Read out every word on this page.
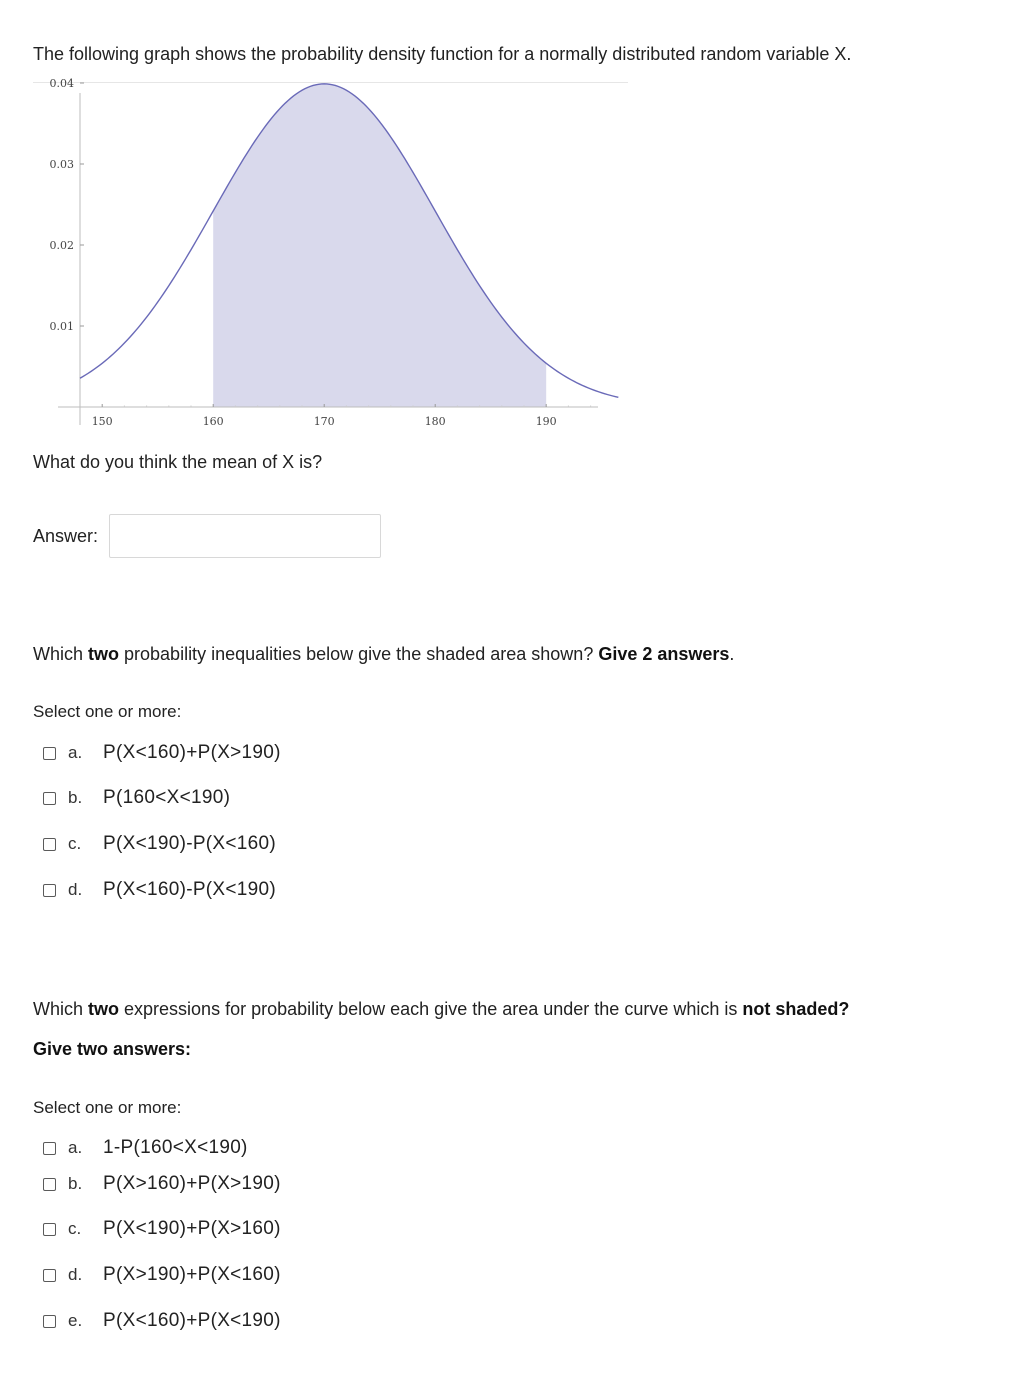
The following graph shows the probability density function for a normally distributed random variable X.
150	160	170	180	190
0.01
0.02
0.03
0.04
What do you think the mean of X is?
Answer:
Which two probability inequalities below give the shaded area shown? Give 2 answers.
Select one or more:
a.	P(X<160)+P(X>190)
b.	P(160<X<190)
c.	P(X<190)-P(X<160)
d.	P(X<160)-P(X<190)
Which two expressions for probability below each give the area under the curve which is not shaded?
Give two answers:
Select one or more:
a.	1-P(160<X<190)
b.	P(X>160)+P(X>190)
c.	P(X<190)+P(X>160)
d.	P(X>190)+P(X<160)
e.	P(X<160)+P(X<190)
